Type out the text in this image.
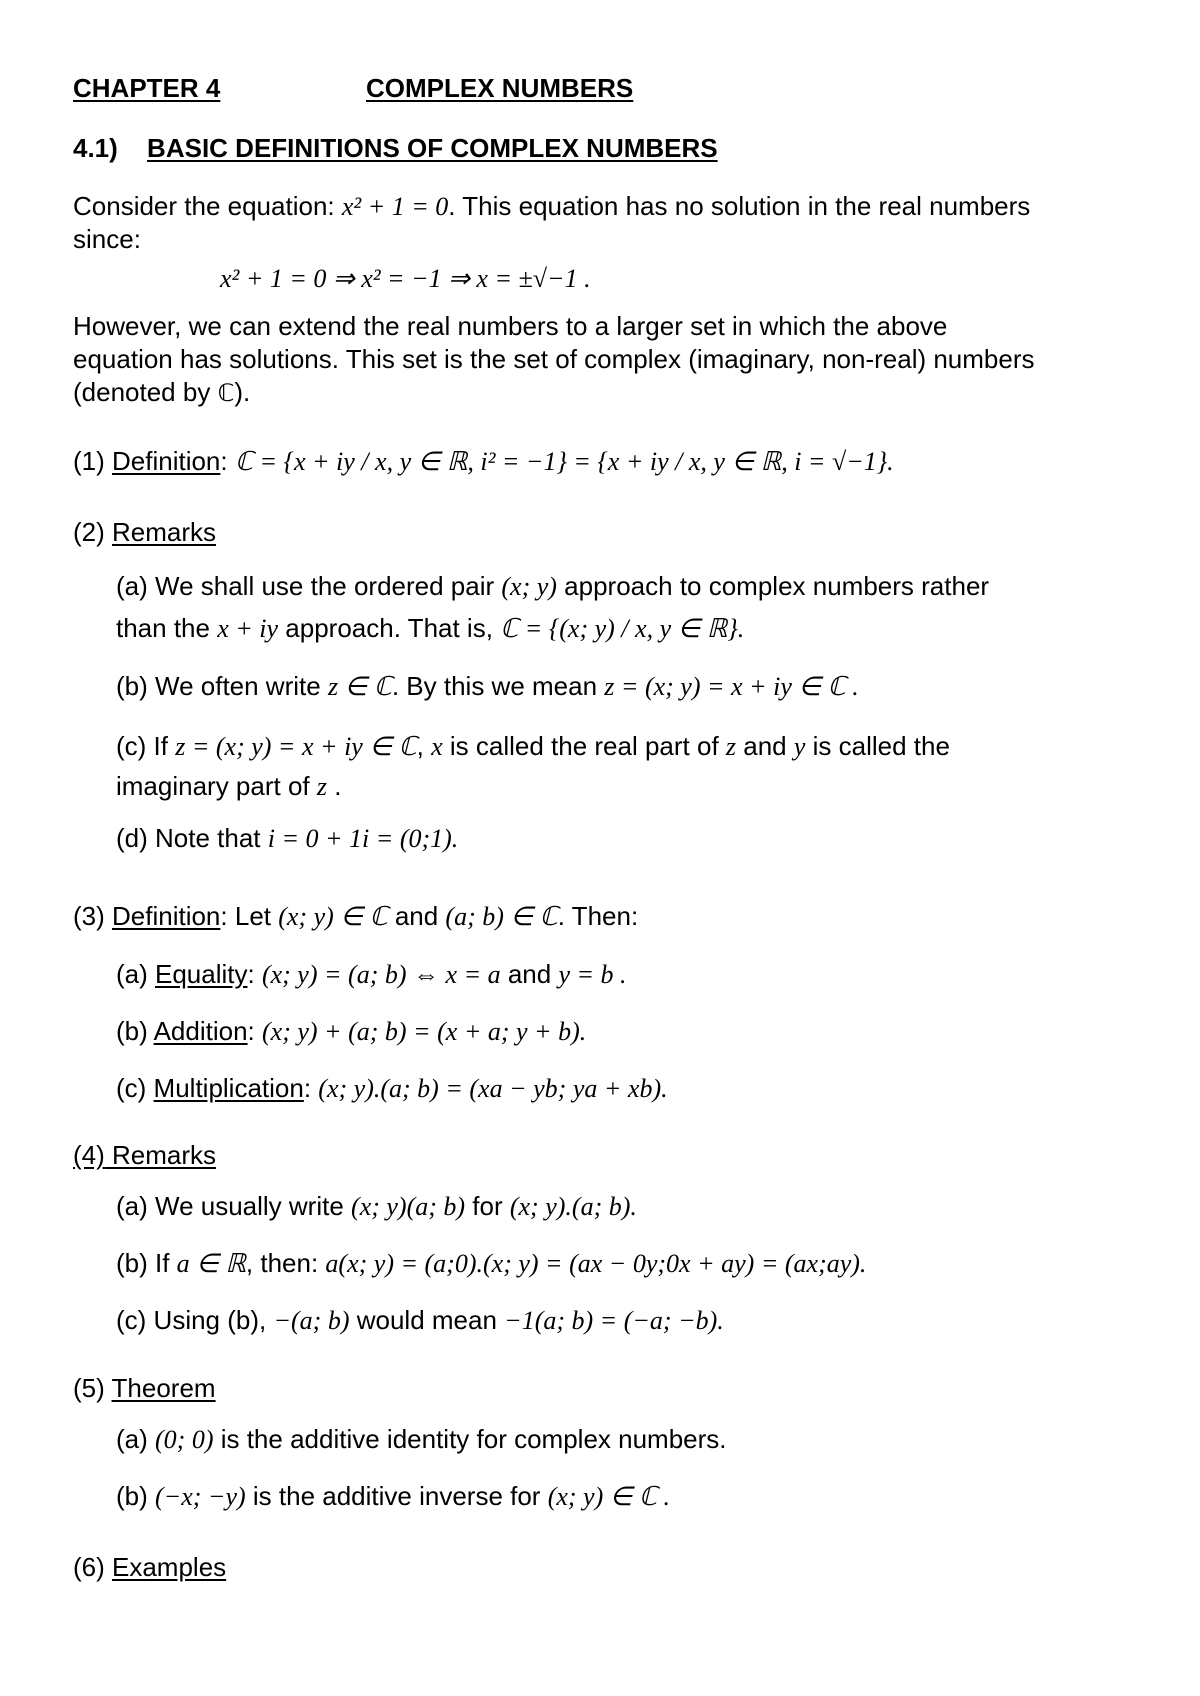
CHAPTER 4	COMPLEX NUMBERS
4.1) BASIC DEFINITIONS OF COMPLEX NUMBERS
Consider the equation: x² + 1 = 0. This equation has no solution in the real numbers
since:
x² + 1 = 0 ⇒ x² = −1 ⇒ x = ±√−1 .
However, we can extend the real numbers to a larger set in which the above
equation has solutions. This set is the set of complex (imaginary, non-real) numbers
(denoted by ℂ).
(1) Definition: ℂ = {x + iy / x, y ∈ ℝ, i² = −1} = {x + iy / x, y ∈ ℝ, i = √−1}.
(2) Remarks
(a) We shall use the ordered pair (x; y) approach to complex numbers rather
than the x + iy approach. That is, ℂ = {(x; y) / x, y ∈ ℝ}.
(b) We often write z ∈ ℂ. By this we mean z = (x; y) = x + iy ∈ ℂ .
(c) If z = (x; y) = x + iy ∈ ℂ, x is called the real part of z and y is called the
imaginary part of z .
(d) Note that i = 0 + 1i = (0;1).
(3) Definition: Let (x; y) ∈ ℂ and (a; b) ∈ ℂ. Then:
(a) Equality: (x; y) = (a; b) ⇔ x = a and y = b .
(b) Addition: (x; y) + (a; b) = (x + a; y + b).
(c) Multiplication: (x; y).(a; b) = (xa − yb; ya + xb).
(4) Remarks
(a) We usually write (x; y)(a; b) for (x; y).(a; b).
(b) If a ∈ ℝ, then: a(x; y) = (a;0).(x; y) = (ax − 0y;0x + ay) = (ax;ay).
(c) Using (b), −(a; b) would mean −1(a; b) = (−a; −b).
(5) Theorem
(a) (0; 0) is the additive identity for complex numbers.
(b) (−x; −y) is the additive inverse for (x; y) ∈ ℂ .
(6) Examples
